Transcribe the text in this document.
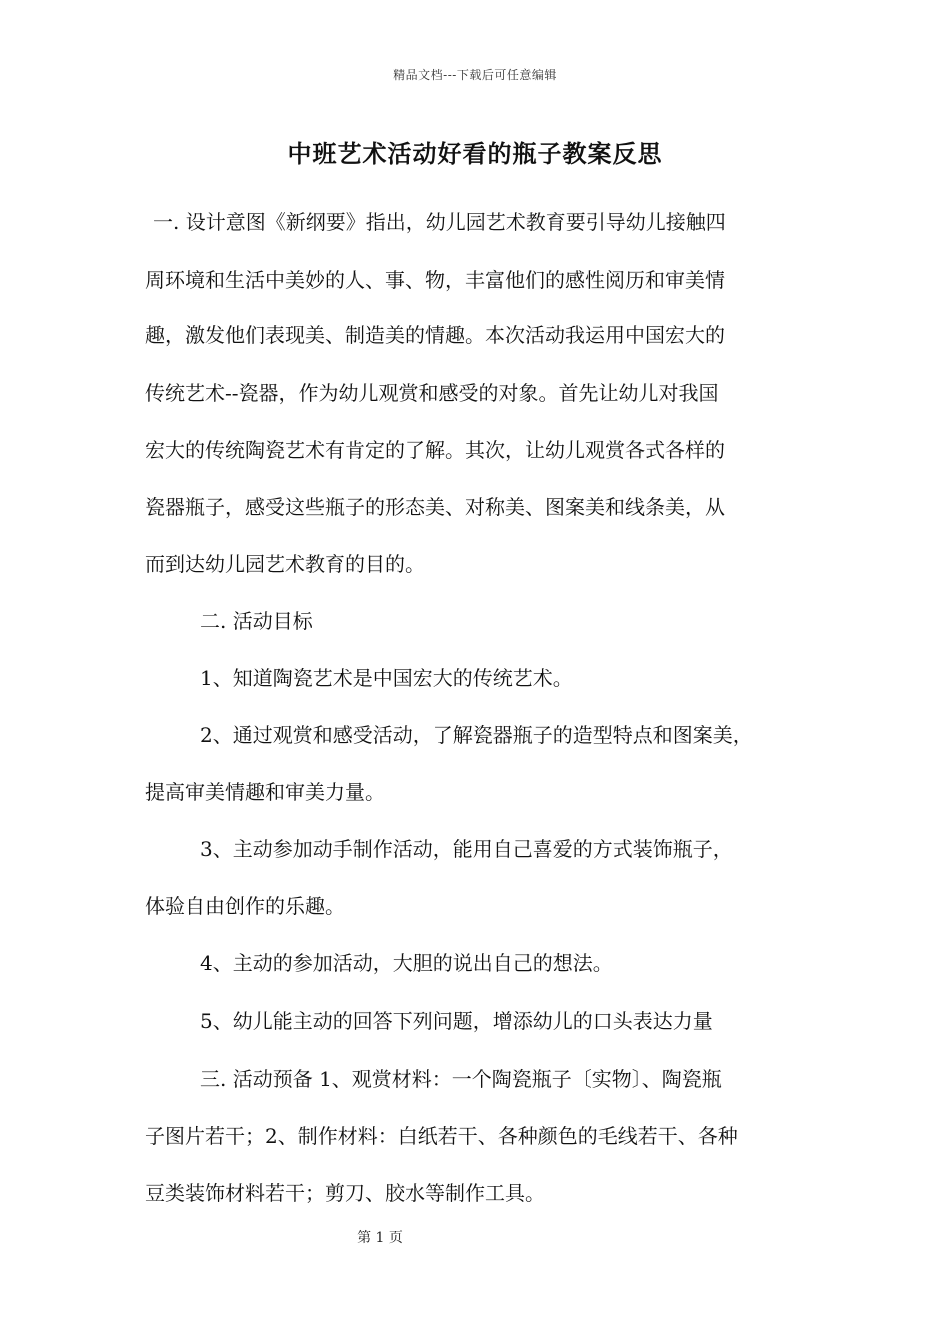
精品文档---下载后可任意编辑
中班艺术活动好看的瓶子教案反思
一. 设计意图《新纲要》指出，幼儿园艺术教育要引导幼儿接触四
周环境和生活中美妙的人、事、物，丰富他们的感性阅历和审美情
趣，激发他们表现美、制造美的情趣。本次活动我运用中国宏大的
传统艺术--瓷器，作为幼儿观赏和感受的对象。首先让幼儿对我国
宏大的传统陶瓷艺术有肯定的了解。其次，让幼儿观赏各式各样的
瓷器瓶子，感受这些瓶子的形态美、对称美、图案美和线条美，从
而到达幼儿园艺术教育的目的。
二. 活动目标
1、知道陶瓷艺术是中国宏大的传统艺术。
2、通过观赏和感受活动，了解瓷器瓶子的造型特点和图案美，
提高审美情趣和审美力量。
3、主动参加动手制作活动，能用自己喜爱的方式装饰瓶子，
体验自由创作的乐趣。
4、主动的参加活动，大胆的说出自己的想法。
5、幼儿能主动的回答下列问题，增添幼儿的口头表达力量
三. 活动预备 1、观赏材料：一个陶瓷瓶子〔实物〕、陶瓷瓶
子图片若干；2、制作材料：白纸若干、各种颜色的毛线若干、各种
豆类装饰材料若干；剪刀、胶水等制作工具。
第 1 页
